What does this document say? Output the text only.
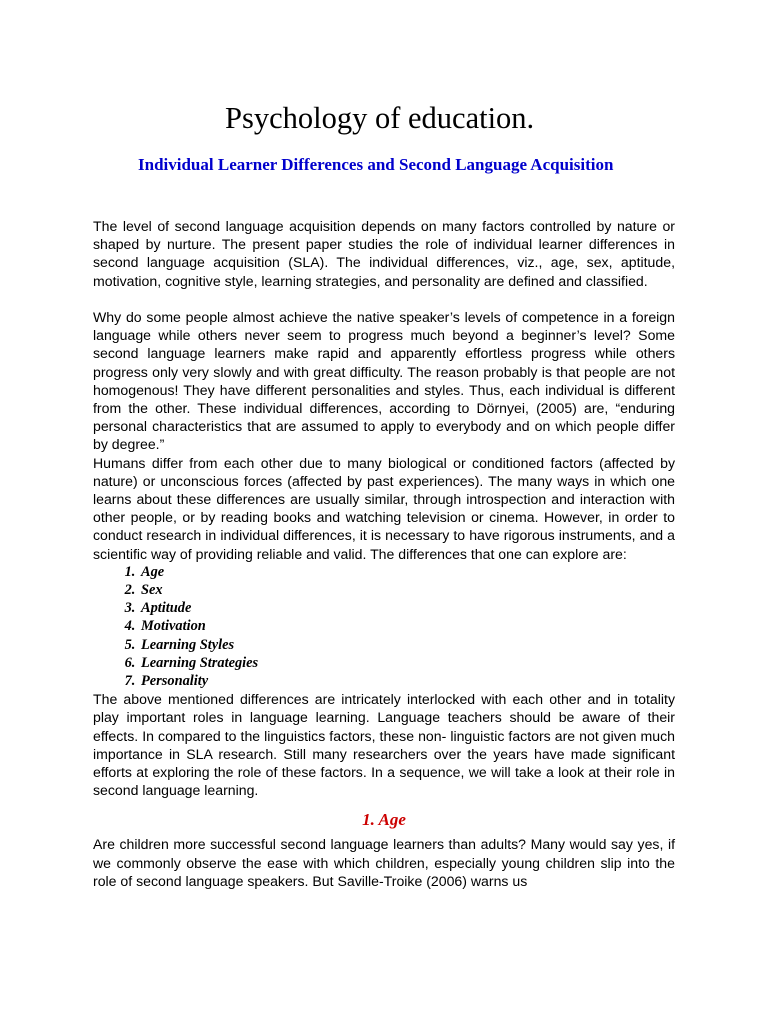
Psychology of education.
Individual Learner Differences and Second Language Acquisition

The level of second language acquisition depends on many factors controlled by nature or shaped by nurture. The present paper studies the role of individual learner differences in second language acquisition (SLA). The individual differences, viz., age, sex, aptitude, motivation, cognitive style, learning strategies, and personality are defined and classified.

Why do some people almost achieve the native speaker’s levels of competence in a foreign language while others never seem to progress much beyond a beginner’s level? Some second language learners make rapid and apparently effortless progress while others progress only very slowly and with great difficulty. The reason probably is that people are not homogenous! They have different personalities and styles. Thus, each individual is different from the other. These individual differences, according to Dörnyei, (2005) are, “enduring personal characteristics that are assumed to apply to everybody and on which people differ by degree.”

Humans differ from each other due to many biological or conditioned factors (affected by nature) or unconscious forces (affected by past experiences). The many ways in which one learns about these differences are usually similar, through introspection and interaction with other people, or by reading books and watching television or cinema. However, in order to conduct research in individual differences, it is necessary to have rigorous instruments, and a scientific way of providing reliable and valid. The differences that one can explore are:

1. Age
2. Sex
3. Aptitude
4. Motivation
5. Learning Styles
6. Learning Strategies
7. Personality

The above mentioned differences are intricately interlocked with each other and in totality play important roles in language learning. Language teachers should be aware of their effects. In compared to the linguistics factors, these non- linguistic factors are not given much importance in SLA research. Still many researchers over the years have made significant efforts at exploring the role of these factors. In a sequence, we will take a look at their role in second language learning.

1. Age

Are children more successful second language learners than adults? Many would say yes, if we commonly observe the ease with which children, especially young children slip into the role of second language speakers. But Saville-Troike (2006) warns us
